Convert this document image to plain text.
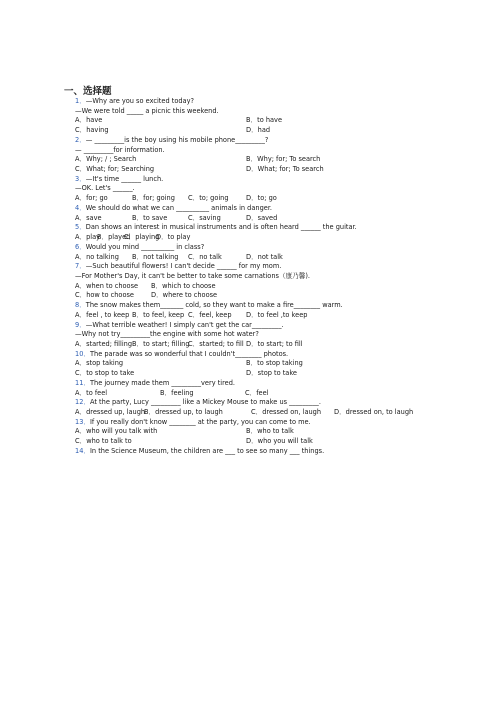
一、选择题
1．—Why are you so excited today?
—We were told _____ a picnic this weekend.
A．have	B．to have
C．having	D．had
2．— _________is the boy using his mobile phone_________?
— _________for information.
A．Why; / ; Search	B．Why; for; To search
C．What; for; Searching	D．What; for; To search
3．—It's time ______ lunch.
—OK. Let's ______.
A．for; go	B．for; going C．to; going	D．to; go
4．We should do what we can __________ animals in danger.
A．save	B．to save	C．saving	D．saved
5．Dan shows an interest in musical instruments and is often heard ______ the guitar.
A．play
B．played
C．playing
D．to play
6．Would you mind __________ in class?
A．no talking B．not talking C．no talk	D．not talk
7．—Such beautiful flowers! I can't decide ______ for my mom.
—For Mother's Day, it can't be better to take some carnations（康乃馨).
A．when to choose B．which to choose
C．how to choose	D．where to choose
8．The snow makes them_______ cold, so they want to make a fire________ warm.
A．feel , to keep B．to feel, keep C．feel, keep D．to feel ,to keep
9．—What terrible weather! I simply can't get the car_________.
—Why not try_________the engine with some hot water?
A．started; filling B．to start; filling
C．started; to fill D．to start; to fill
10．The parade was so wonderful that I couldn't________ photos.
A．stop taking	B．to stop taking
C．to stop to take	D．stop to take
11．The journey made them _________very tired.
A．to feel	B．feeling	C．feel
12．At the party, Lucy _________ like a Mickey Mouse to make us _________.
A．dressed up, laugh
B．dressed up, to laugh	C．dressed on, laugh D．dressed on, to laugh
13．If you really don't know ________ at the party, you can come to me.
A．who will you talk with	B．who to talk
C．who to talk to	D．who you will talk
14．In the Science Museum, the children are ___ to see so many ___ things.
